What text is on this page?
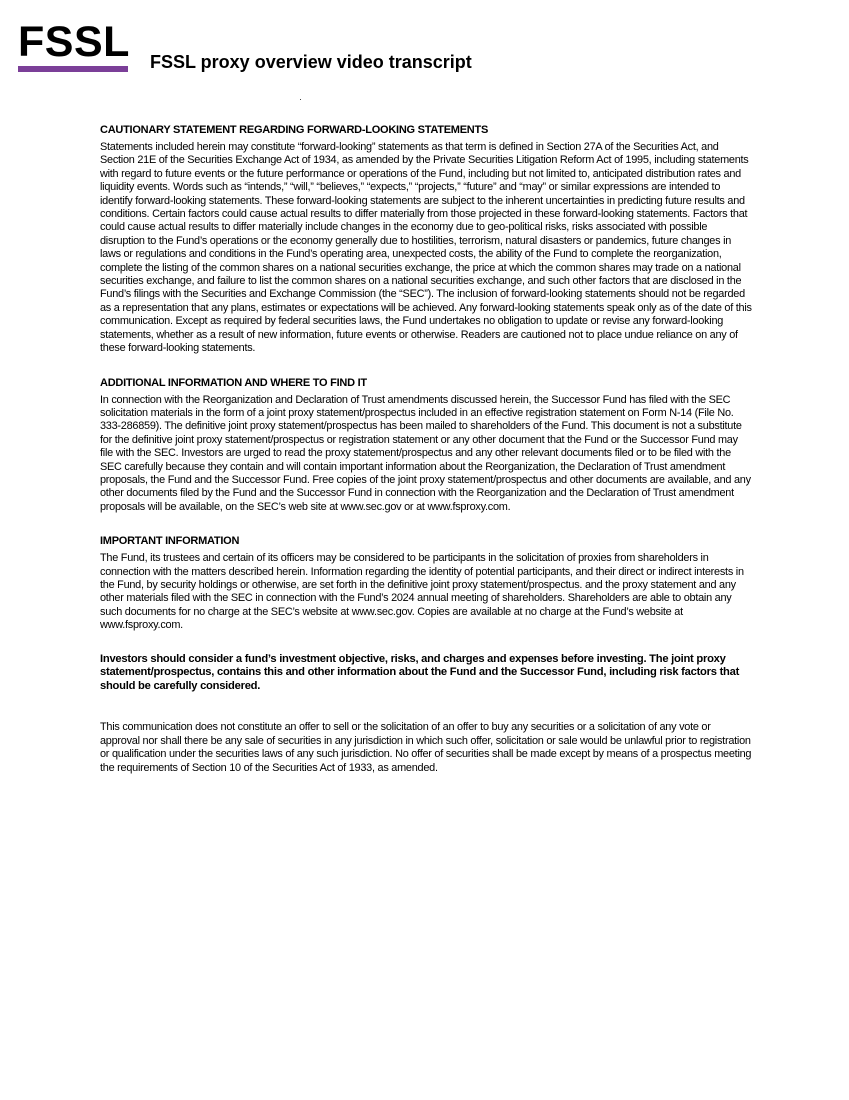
FSSL FSSL proxy overview video transcript
CAUTIONARY STATEMENT REGARDING FORWARD-LOOKING STATEMENTS

Statements included herein may constitute “forward-looking” statements as that term is defined in Section 27A of the Securities Act, and Section 21E of the Securities Exchange Act of 1934, as amended by the Private Securities Litigation Reform Act of 1995, including statements with regard to future events or the future performance or operations of the Fund, including but not limited to, anticipated distribution rates and liquidity events. Words such as “intends,” “will,” “believes,” “expects,” “projects,” “future” and “may” or similar expressions are intended to identify forward-looking statements. These forward-looking statements are subject to the inherent uncertainties in predicting future results and conditions. Certain factors could cause actual results to differ materially from those projected in these forward-looking statements. Factors that could cause actual results to differ materially include changes in the economy due to geo-political risks, risks associated with possible disruption to the Fund’s operations or the economy generally due to hostilities, terrorism, natural disasters or pandemics, future changes in laws or regulations and conditions in the Fund’s operating area, unexpected costs, the ability of the Fund to complete the reorganization, complete the listing of the common shares on a national securities exchange, the price at which the common shares may trade on a national securities exchange, and failure to list the common shares on a national securities exchange, and such other factors that are disclosed in the Fund’s filings with the Securities and Exchange Commission (the “SEC”). The inclusion of forward-looking statements should not be regarded as a representation that any plans, estimates or expectations will be achieved. Any forward-looking statements speak only as of the date of this communication. Except as required by federal securities laws, the Fund undertakes no obligation to update or revise any forward-looking statements, whether as a result of new information, future events or otherwise. Readers are cautioned not to place undue reliance on any of these forward-looking statements.

ADDITIONAL INFORMATION AND WHERE TO FIND IT

In connection with the Reorganization and Declaration of Trust amendments discussed herein, the Successor Fund has filed with the SEC solicitation materials in the form of a joint proxy statement/prospectus included in an effective registration statement on Form N-14 (File No. 333-286859). The definitive joint proxy statement/prospectus has been mailed to shareholders of the Fund. This document is not a substitute for the definitive joint proxy statement/prospectus or registration statement or any other document that the Fund or the Successor Fund may file with the SEC. Investors are urged to read the proxy statement/prospectus and any other relevant documents filed or to be filed with the SEC carefully because they contain and will contain important information about the Reorganization, the Declaration of Trust amendment proposals, the Fund and the Successor Fund. Free copies of the joint proxy statement/prospectus and other documents are available, and any other documents filed by the Fund and the Successor Fund in connection with the Reorganization and the Declaration of Trust amendment proposals will be available, on the SEC’s web site at www.sec.gov or at www.fsproxy.com.

IMPORTANT INFORMATION

The Fund, its trustees and certain of its officers may be considered to be participants in the solicitation of proxies from shareholders in connection with the matters described herein. Information regarding the identity of potential participants, and their direct or indirect interests in the Fund, by security holdings or otherwise, are set forth in the definitive joint proxy statement/prospectus. and the proxy statement and any other materials filed with the SEC in connection with the Fund’s 2024 annual meeting of shareholders. Shareholders are able to obtain any such documents for no charge at the SEC’s website at www.sec.gov. Copies are available at no charge at the Fund’s website at www.fsproxy.com.

Investors should consider a fund’s investment objective, risks, and charges and expenses before investing. The joint proxy statement/prospectus, contains this and other information about the Fund and the Successor Fund, including risk factors that should be carefully considered.

This communication does not constitute an offer to sell or the solicitation of an offer to buy any securities or a solicitation of any vote or approval nor shall there be any sale of securities in any jurisdiction in which such offer, solicitation or sale would be unlawful prior to registration or qualification under the securities laws of any such jurisdiction. No offer of securities shall be made except by means of a prospectus meeting the requirements of Section 10 of the Securities Act of 1933, as amended.
